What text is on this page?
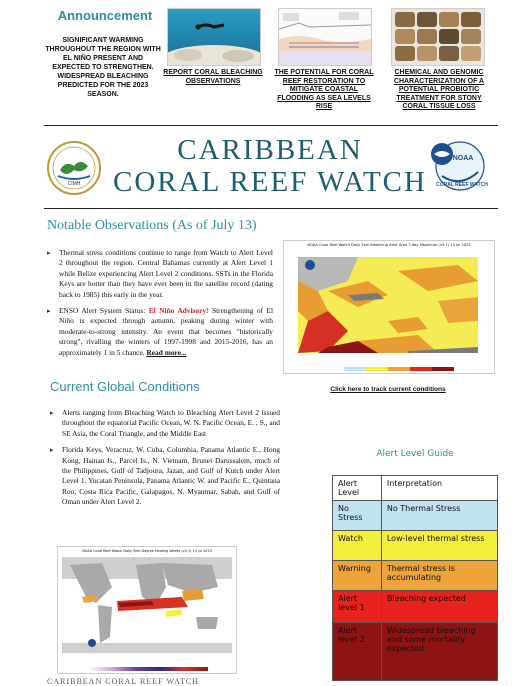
Announcement
SIGNIFICANT WARMING THROUGHOUT THE REGION WITH EL NIÑO PRESENT AND EXPECTED TO STRENGTHEN. WIDESPREAD BLEACHING PREDICTED FOR THE 2023 SEASON.
REPORT CORAL BLEACHING OBSERVATIONS
THE POTENTIAL FOR CORAL REEF RESTORATION TO MITIGATE COASTAL FLOODING AS SEA LEVELS RISE
CHEMICAL AND GENOMIC CHARACTERIZATION OF A POTENTIAL PROBIOTIC TREATMENT FOR STONY CORAL TISSUE LOSS
CIMH
CARIBBEAN
CORAL REEF WATCH
NOAA
CORAL REEF WATCH
Notable Observations (As of July 13)
▸ Thermal stress conditions continue to range from Watch to Alert Level 2 throughout the region. Central Bahamas currently at Alert Level 1 while Belize experiencing Alert Level 2 conditions. SSTs in the Florida Keys are hotter than they have ever been in the satellite record (dating back to 1985) this early in the year.
▸ ENSO Alert System Status: El Niño Advisory! Strengthening of El Niño is expected through autumn, peaking during winter with moderate-to-strong intensity. An event that becomes "historically strong", rivalling the winters of 1997-1998 and 2015-2016, has an approximately 1 in 5 chance. Read more...
NOAA Coral Reef Watch Daily 5km Bleaching Alert Area 7-day Maximum (v3.1) 13 Jul 2023
Click here to track current conditions
Current Global Conditions
▸ Alerts ranging from Bleaching Watch to Bleaching Alert Level 2 issued throughout the equatorial Pacific Ocean, W. N. Pacific Ocean, E. , S., and SE Asia, the Coral Triangle, and the Middle East
▸ Florida Keys, Veracruz, W. Cuba, Columbia, Panama Atlantic E., Hong Kong, Hainan Is., Parcel Is., N. Vietnam, Brunei Darussalem, much of the Philippines, Gulf of Tadjoura, Jazan, and Gulf of Kutch under Alert Level 1. Yucatan Peninsula, Panama Atlantic W. and Pacific E., Quintana Roo, Costa Rica Pacific, Galapagos, N. Myanmar, Sabah, and Gulf of Oman under Alert Level 2.
NOAA Coral Reef Watch Daily 5km Degree Heating Weeks (v3.1) 13 Jul 2023
Alert Level Guide
Alert Level	Interpretation
No Stress	No Thermal Stress
Watch	Low-level thermal stress
Warning	Thermal stress is accumulating
Alert level 1	Bleaching expected
Alert level 2	Widespread bleaching and some mortality expected
CARIBBEAN CORAL REEF WATCH
